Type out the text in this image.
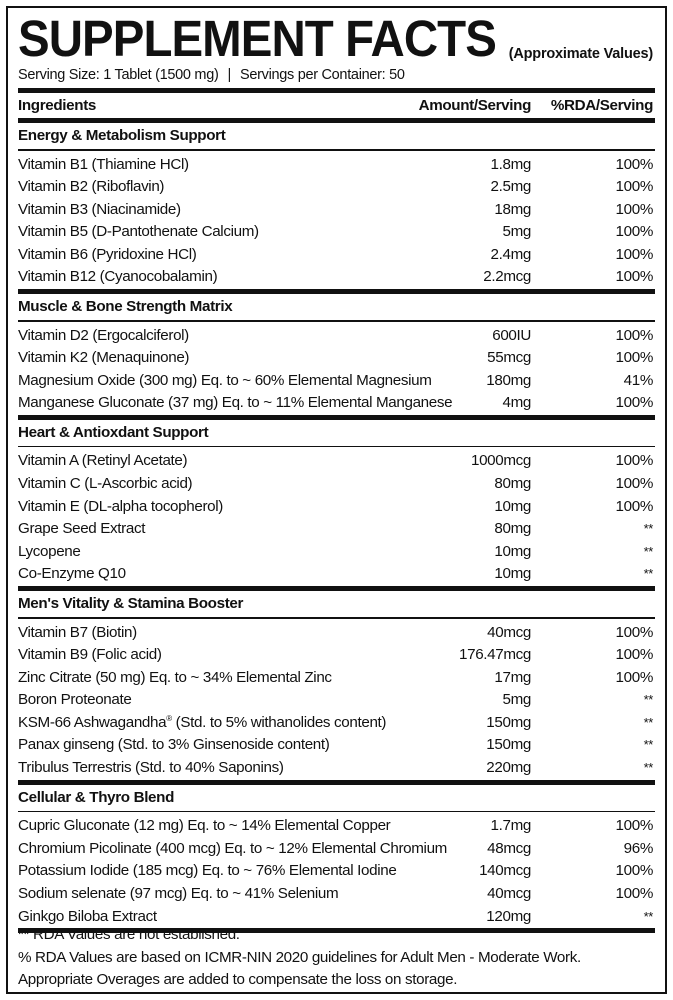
SUPPLEMENT FACTS (Approximate Values)
Serving Size: 1 Tablet (1500 mg) | Servings per Container: 50
Ingredients	Amount/Serving %RDA/Serving
Energy & Metabolism Support
Vitamin B1 (Thiamine HCl)	1.8mg	100%
Vitamin B2 (Riboflavin)	2.5mg	100%
Vitamin B3 (Niacinamide)	18mg	100%
Vitamin B5 (D-Pantothenate Calcium)	5mg	100%
Vitamin B6 (Pyridoxine HCl)	2.4mg	100%
Vitamin B12 (Cyanocobalamin)	2.2mcg	100%
Muscle & Bone Strength Matrix
Vitamin D2 (Ergocalciferol)	600IU	100%
Vitamin K2 (Menaquinone)	55mcg	100%
Magnesium Oxide (300 mg) Eq. to ~ 60% Elemental Magnesium	180mg	41%
Manganese Gluconate (37 mg) Eq. to ~ 11% Elemental Manganese	4mg	100%
Heart & Antioxdant Support
Vitamin A (Retinyl Acetate)	1000mcg	100%
Vitamin C (L-Ascorbic acid)	80mg	100%
Vitamin E (DL-alpha tocopherol)	10mg	100%
Grape Seed Extract	80mg	**
Lycopene	10mg	**
Co-Enzyme Q10	10mg	**
Men's Vitality & Stamina Booster
Vitamin B7 (Biotin)	40mcg	100%
Vitamin B9 (Folic acid)	176.47mcg	100%
Zinc Citrate (50 mg) Eq. to ~ 34% Elemental Zinc	17mg	100%
Boron Proteonate	5mg	**
KSM-66 Ashwagandha® (Std. to 5% withanolides content)	150mg	**
Panax ginseng (Std. to 3% Ginsenoside content)	150mg	**
Tribulus Terrestris (Std. to 40% Saponins)	220mg	**
Cellular & Thyro Blend
Cupric Gluconate (12 mg) Eq. to ~ 14% Elemental Copper	1.7mg	100%
Chromium Picolinate (400 mcg) Eq. to ~ 12% Elemental Chromium	48mcg	96%
Potassium Iodide (185 mcg) Eq. to ~ 76% Elemental Iodine	140mcg	100%
Sodium selenate (97 mcg) Eq. to ~ 41% Selenium	40mcg	100%
Ginkgo Biloba Extract	120mg	**
** RDA Values are not established.
% RDA Values are based on ICMR-NIN 2020 guidelines for Adult Men - Moderate Work.
Appropriate Overages are added to compensate the loss on storage.
